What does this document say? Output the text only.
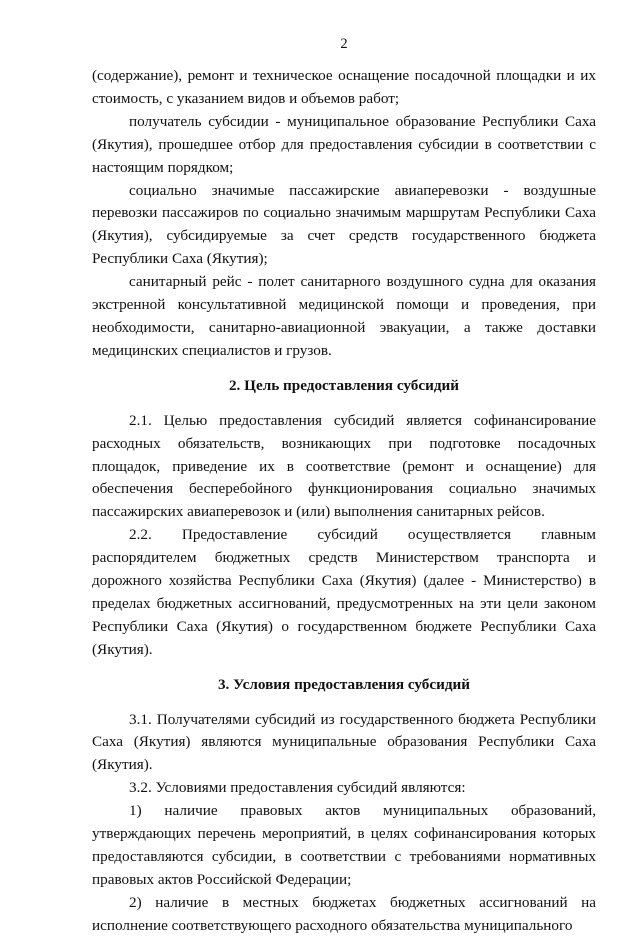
2

(содержание), ремонт и техническое оснащение посадочной площадки и их стоимость, с указанием видов и объемов работ;

получатель субсидии - муниципальное образование Республики Саха (Якутия), прошедшее отбор для предоставления субсидии в соответствии с настоящим порядком;

социально значимые пассажирские авиаперевозки - воздушные перевозки пассажиров по социально значимым маршрутам Республики Саха (Якутия), субсидируемые за счет средств государственного бюджета Республики Саха (Якутия);

санитарный рейс - полет санитарного воздушного судна для оказания экстренной консультативной медицинской помощи и проведения, при необходимости, санитарно-авиационной эвакуации, а также доставки медицинских специалистов и грузов.

2. Цель предоставления субсидий

2.1. Целью предоставления субсидий является софинансирование расходных обязательств, возникающих при подготовке посадочных площадок, приведение их в соответствие (ремонт и оснащение) для обеспечения бесперебойного функционирования социально значимых пассажирских авиаперевозок и (или) выполнения санитарных рейсов.

2.2. Предоставление субсидий осуществляется главным распорядителем бюджетных средств Министерством транспорта и дорожного хозяйства Республики Саха (Якутия) (далее - Министерство) в пределах бюджетных ассигнований, предусмотренных на эти цели законом Республики Саха (Якутия) о государственном бюджете Республики Саха (Якутия).

3. Условия предоставления субсидий

3.1. Получателями субсидий из государственного бюджета Республики Саха (Якутия) являются муниципальные образования Республики Саха (Якутия).

3.2. Условиями предоставления субсидий являются:

1) наличие правовых актов муниципальных образований, утверждающих перечень мероприятий, в целях софинансирования которых предоставляются субсидии, в соответствии с требованиями нормативных правовых актов Российской Федерации;

2) наличие в местных бюджетах бюджетных ассигнований на исполнение соответствующего расходного обязательства муниципального
